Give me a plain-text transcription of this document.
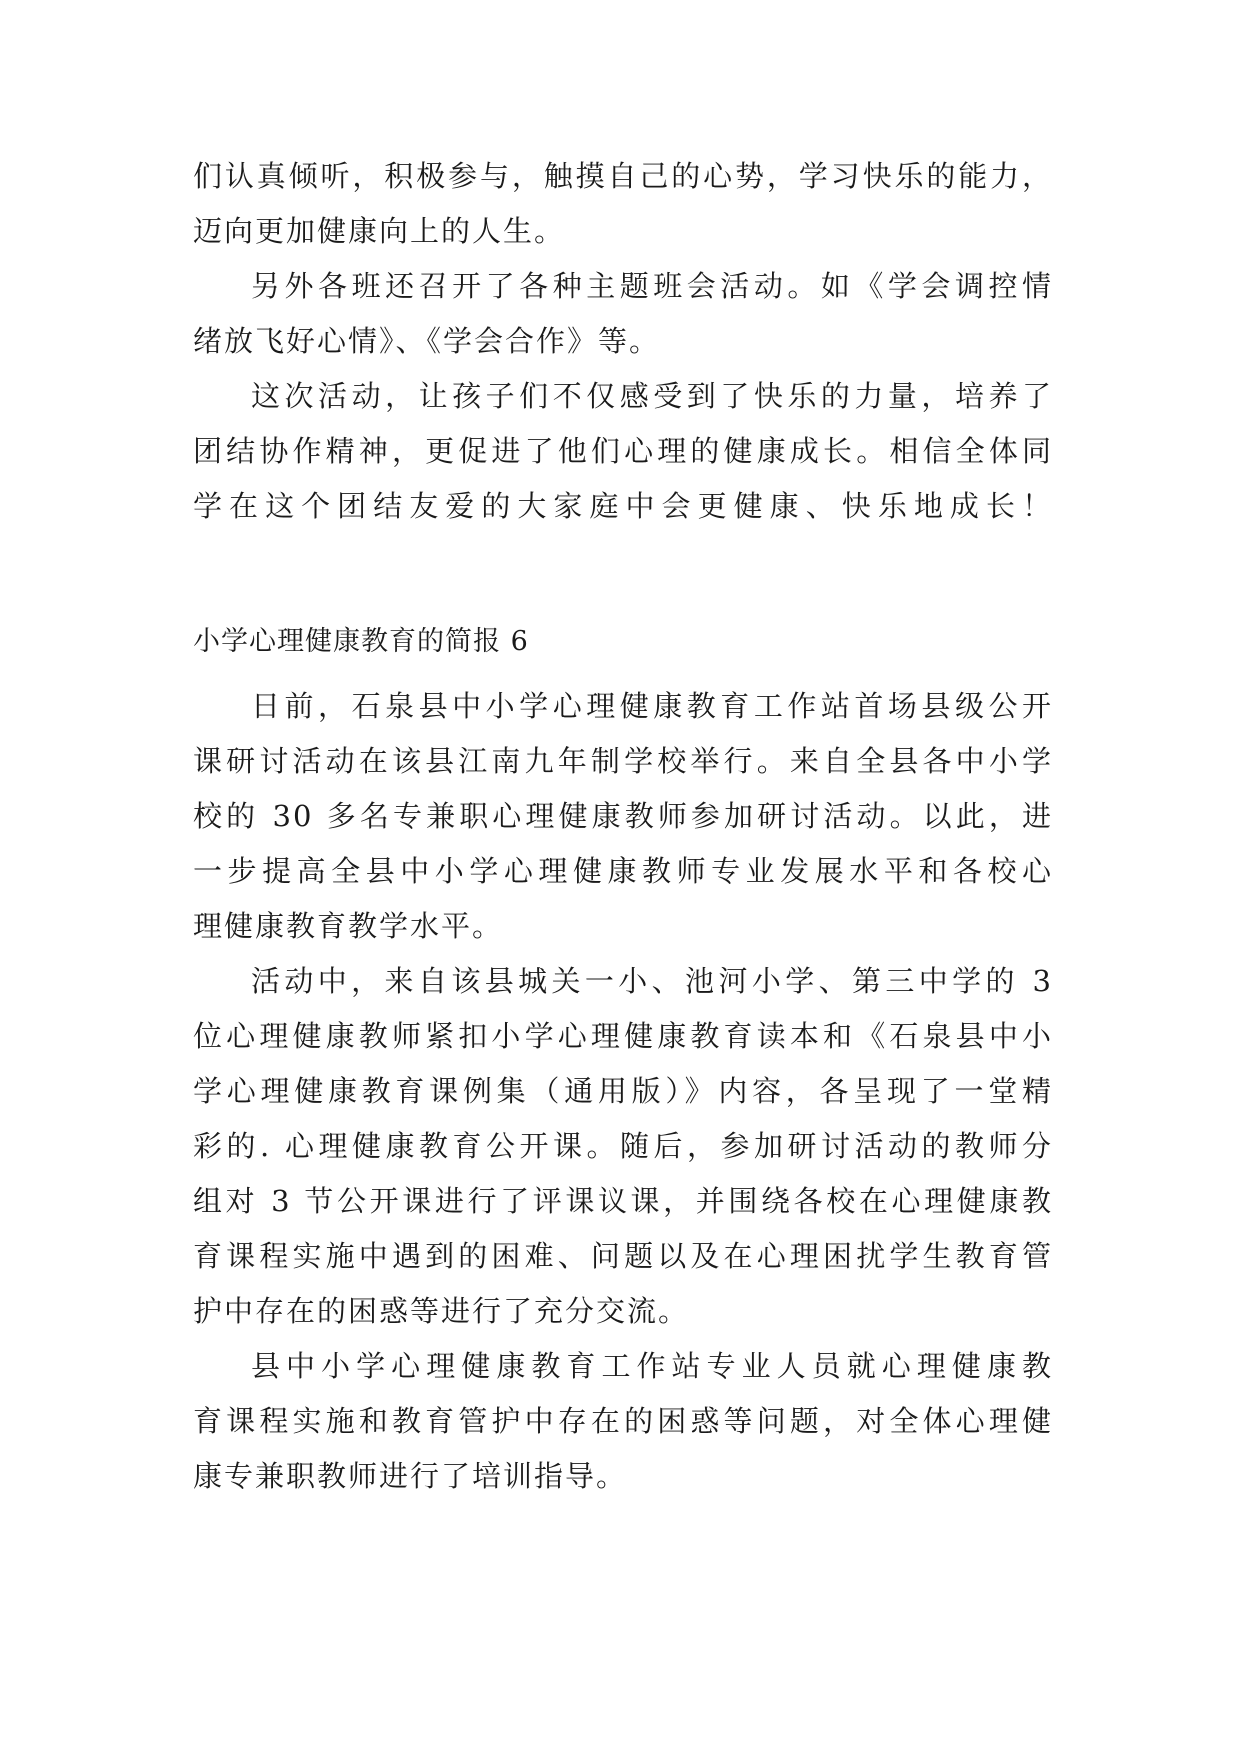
们认真倾听，积极参与，触摸自己的心势，学习快乐的能力，

迈向更加健康向上的人生。

另外各班还召开了各种主题班会活动。如《学会调控情

绪放飞好心情》、《学会合作》等。

这次活动，让孩子们不仅感受到了快乐的力量，培养了

团结协作精神，更促进了他们心理的健康成长。相信全体同

学在这个团结友爱的大家庭中会更健康、快乐地成长！

小学心理健康教育的简报 6

日前，石泉县中小学心理健康教育工作站首场县级公开

课研讨活动在该县江南九年制学校举行。来自全县各中小学

校的 30 多名专兼职心理健康教师参加研讨活动。以此，进

一步提高全县中小学心理健康教师专业发展水平和各校心

理健康教育教学水平。

活动中，来自该县城关一小、池河小学、第三中学的 3

位心理健康教师紧扣小学心理健康教育读本和《石泉县中小

学心理健康教育课例集（通用版）》内容，各呈现了一堂精

彩的. 心理健康教育公开课。随后，参加研讨活动的教师分

组对 3 节公开课进行了评课议课，并围绕各校在心理健康教

育课程实施中遇到的困难、问题以及在心理困扰学生教育管

护中存在的困惑等进行了充分交流。

县中小学心理健康教育工作站专业人员就心理健康教

育课程实施和教育管护中存在的困惑等问题，对全体心理健

康专兼职教师进行了培训指导。
